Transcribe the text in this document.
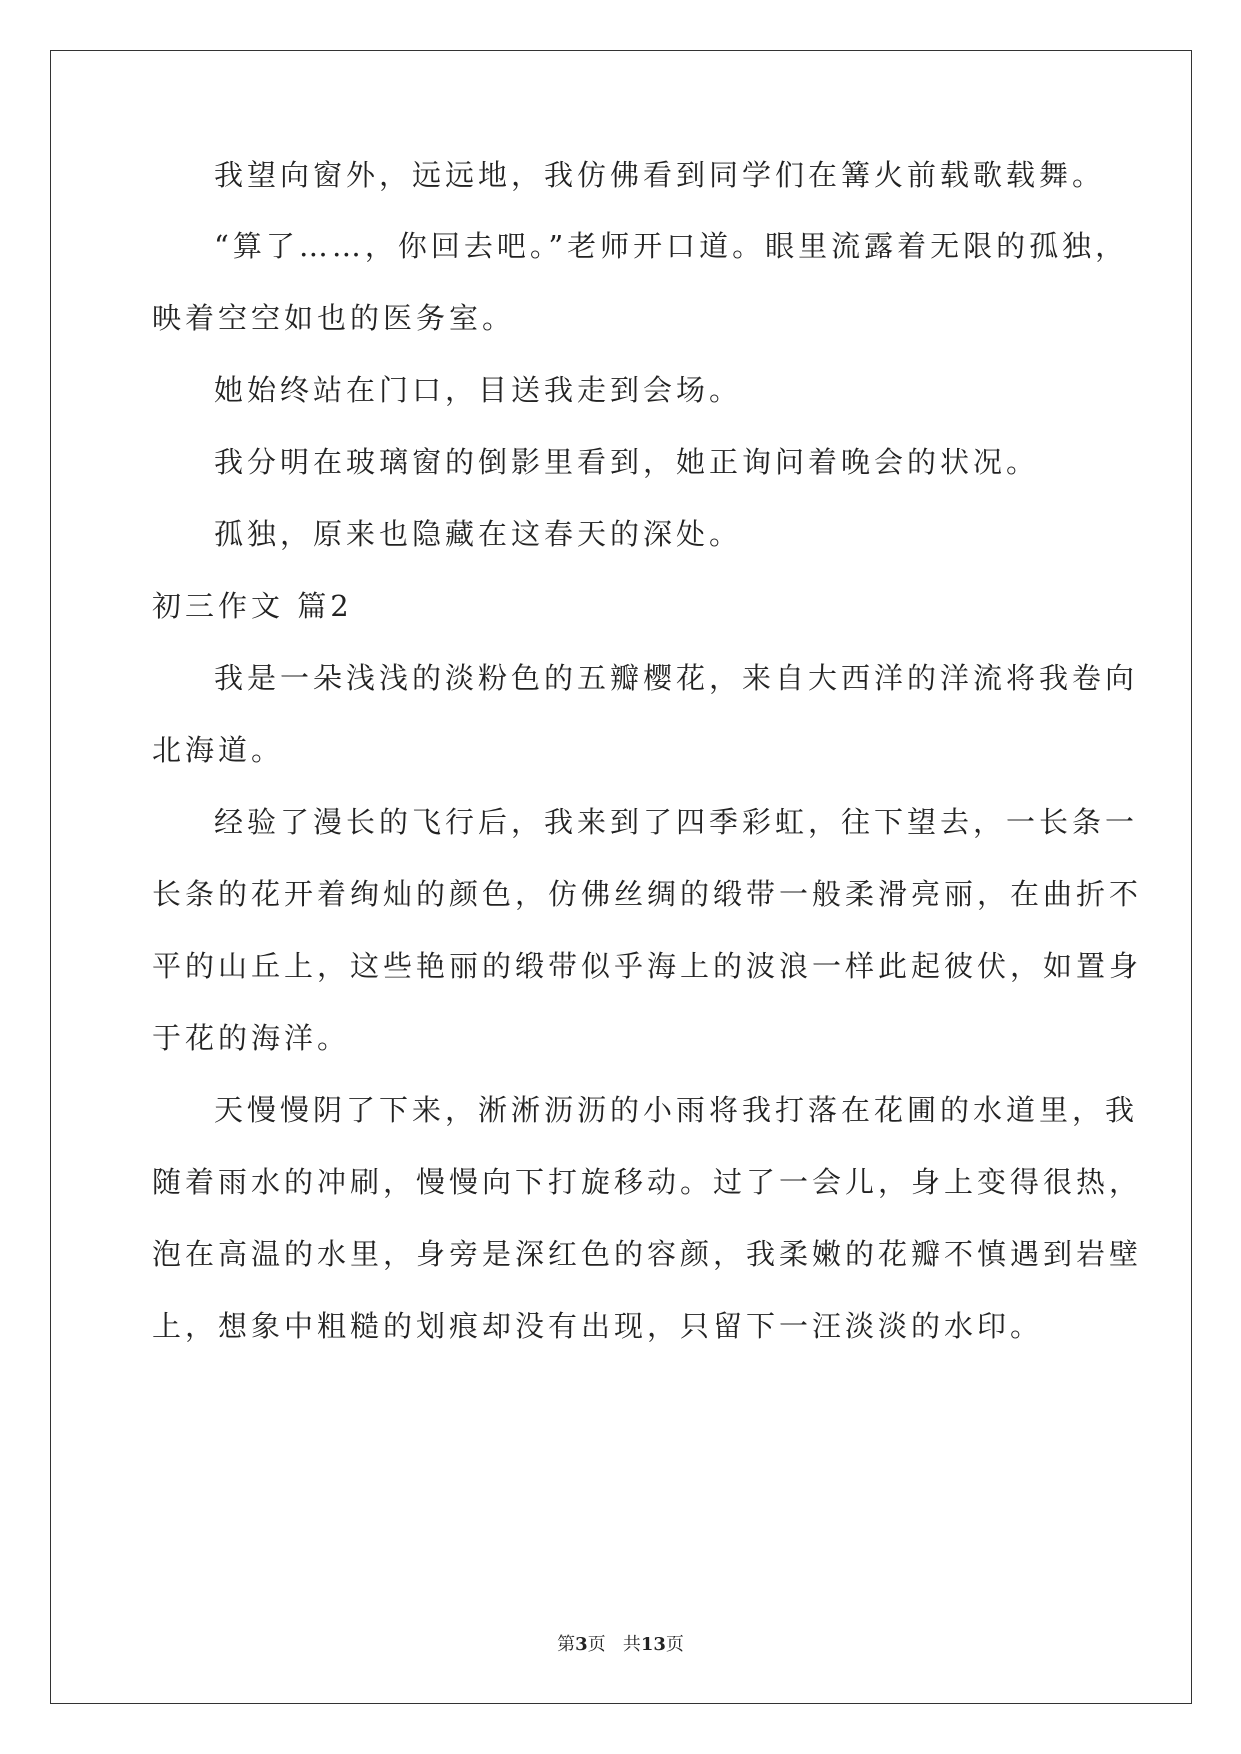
我望向窗外，远远地，我仿佛看到同学们在篝火前载歌载舞。
“算了……，你回去吧。”老师开口道。眼里流露着无限的孤独，
映着空空如也的医务室。
她始终站在门口，目送我走到会场。
我分明在玻璃窗的倒影里看到，她正询问着晚会的状况。
孤独，原来也隐藏在这春天的深处。
初三作文 篇2
我是一朵浅浅的淡粉色的五瓣樱花，来自大西洋的洋流将我卷向
北海道。
经验了漫长的飞行后，我来到了四季彩虹，往下望去，一长条一
长条的花开着绚灿的颜色，仿佛丝绸的缎带一般柔滑亮丽，在曲折不
平的山丘上，这些艳丽的缎带似乎海上的波浪一样此起彼伏，如置身
于花的海洋。
天慢慢阴了下来，淅淅沥沥的小雨将我打落在花圃的水道里，我
随着雨水的冲刷，慢慢向下打旋移动。过了一会儿，身上变得很热，
泡在高温的水里，身旁是深红色的容颜，我柔嫩的花瓣不慎遇到岩壁
上，想象中粗糙的划痕却没有出现，只留下一汪淡淡的水印。
第3页 共13页
